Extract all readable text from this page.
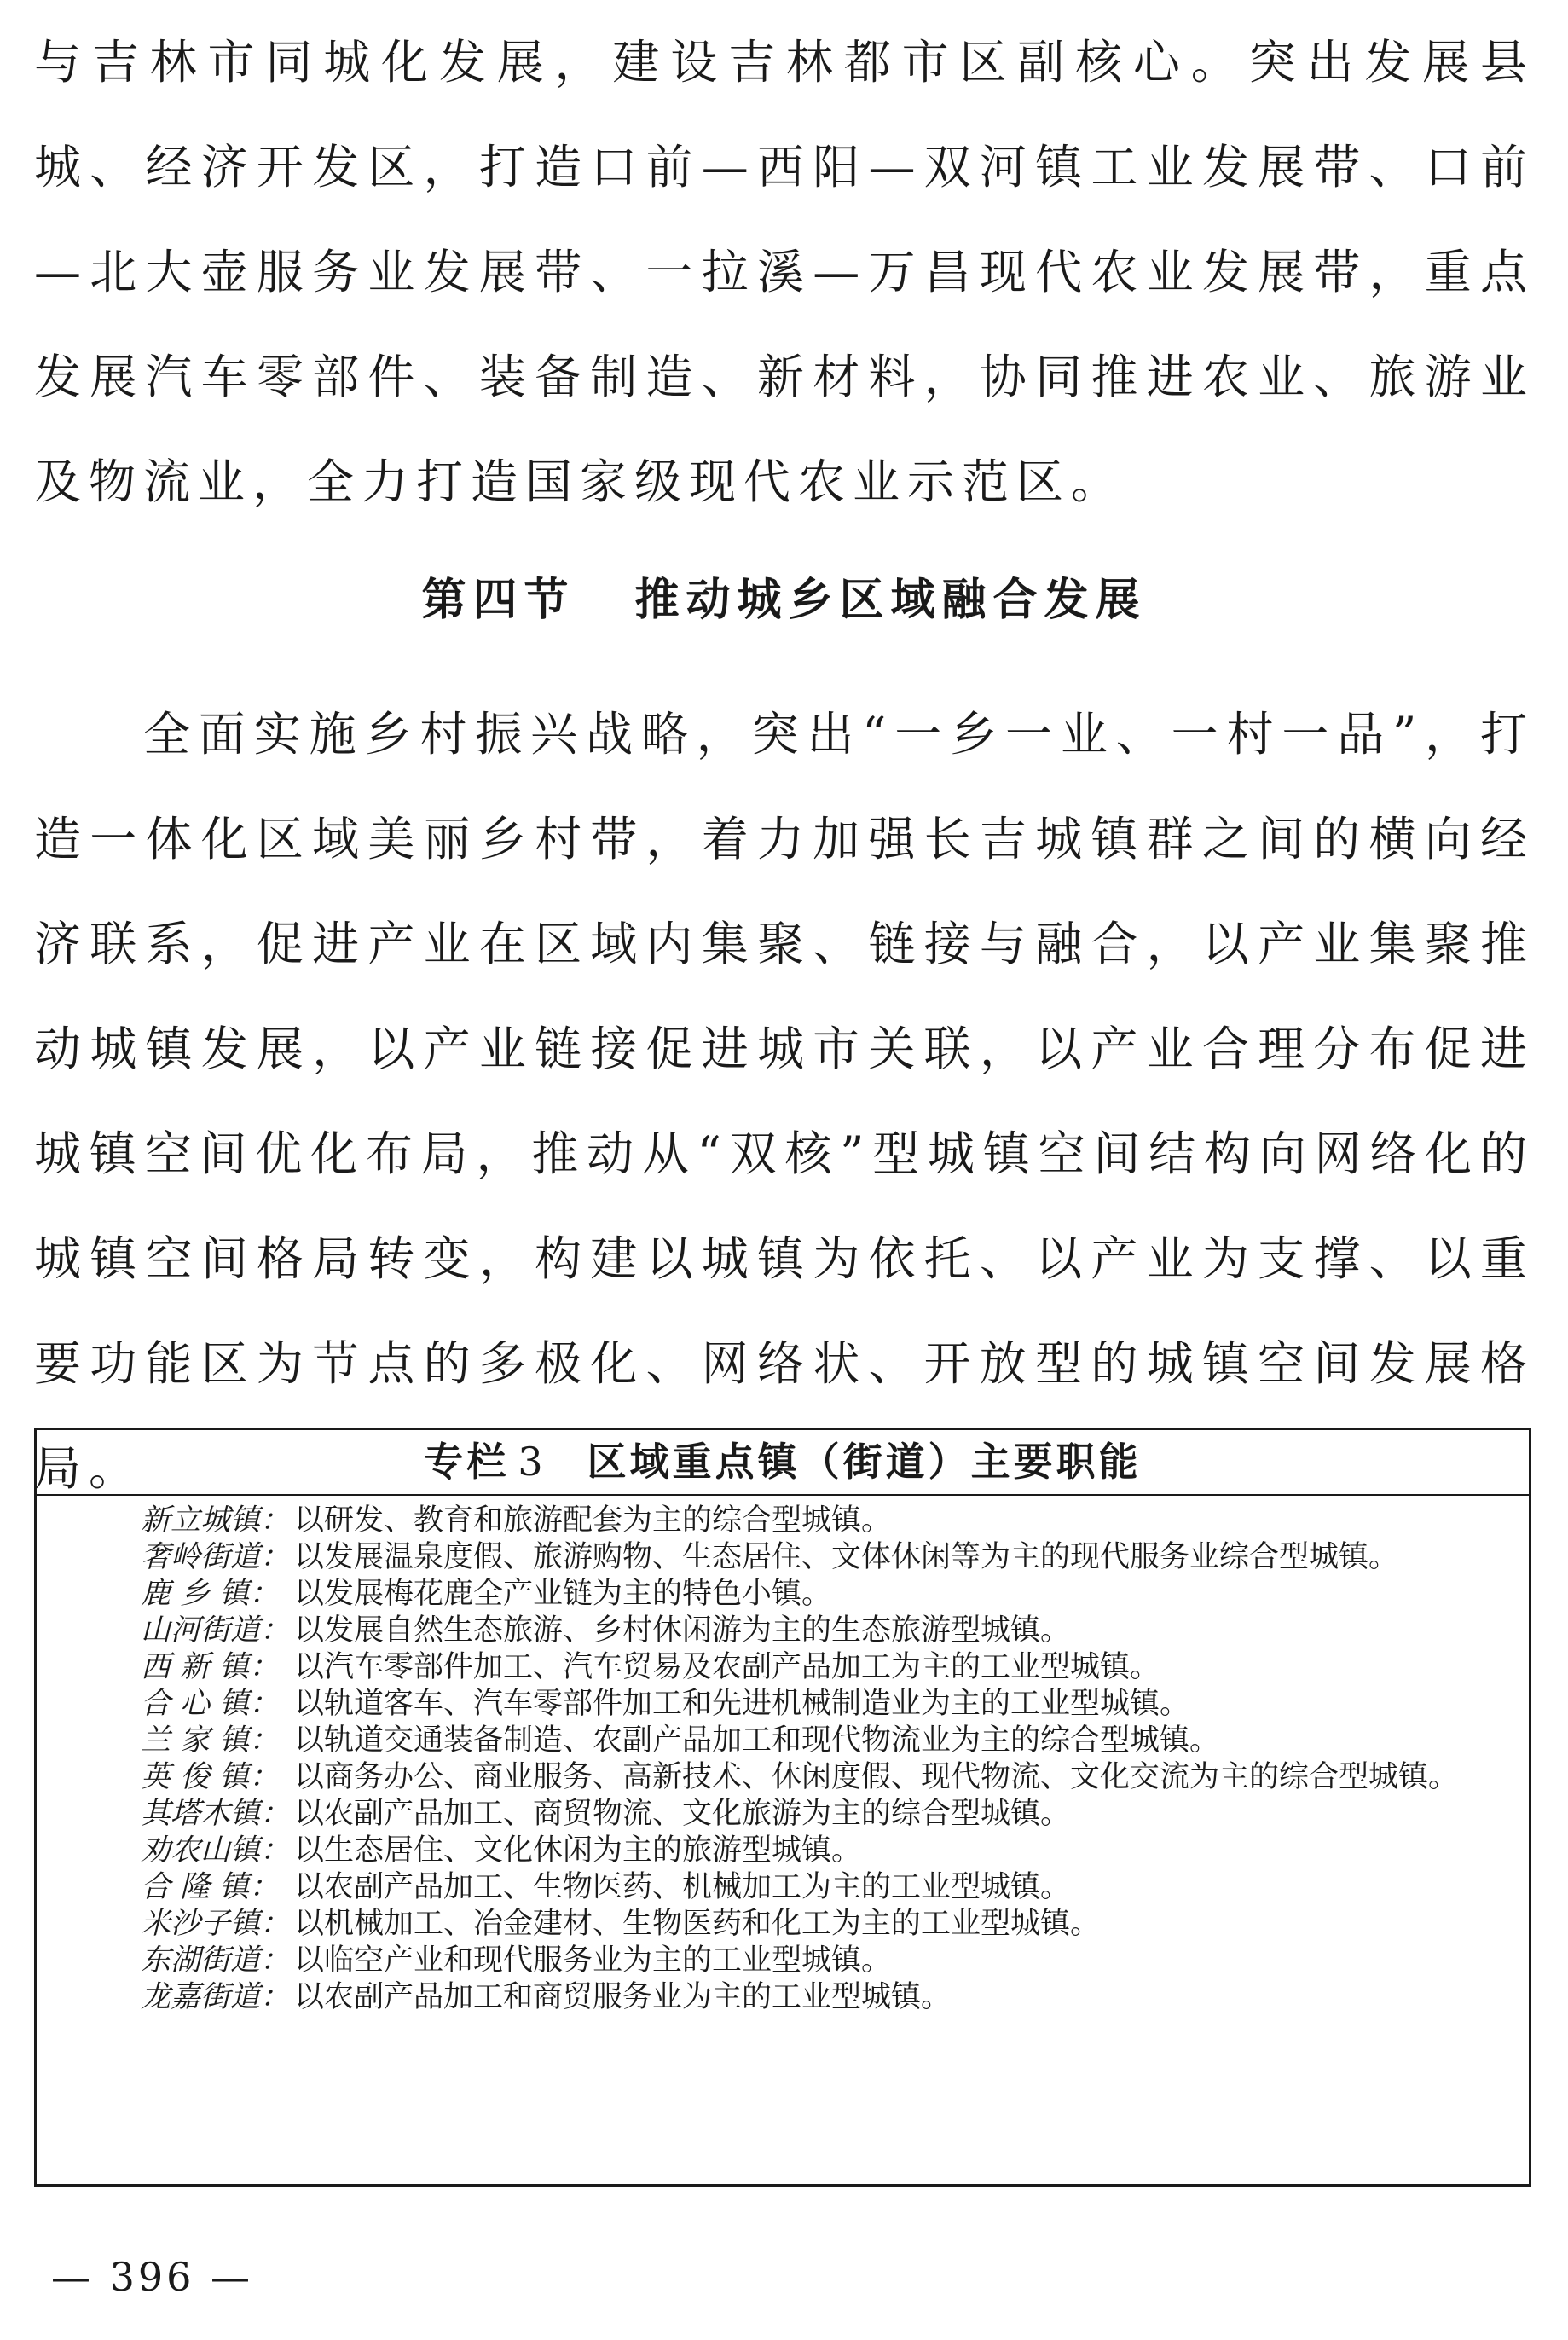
与吉林市同城化发展，建设吉林都市区副核心。突出发展县城、经济开发区，打造口前—西阳—双河镇工业发展带、口前—北大壶服务业发展带、一拉溪—万昌现代农业发展带，重点发展汽车零部件、装备制造、新材料，协同推进农业、旅游业及物流业，全力打造国家级现代农业示范区。

第四节 推动城乡区域融合发展

全面实施乡村振兴战略，突出“一乡一业、一村一品”，打造一体化区域美丽乡村带，着力加强长吉城镇群之间的横向经济联系，促进产业在区域内集聚、链接与融合，以产业集聚推动城镇发展，以产业链接促进城市关联，以产业合理分布促进城镇空间优化布局，推动从“双核”型城镇空间结构向网络化的城镇空间格局转变，构建以城镇为依托、以产业为支撑、以重要功能区为节点的多极化、网络状、开放型的城镇空间发展格局。	专栏 3 区域重点镇（街道）主要职能

新立城镇： 以研发、教育和旅游配套为主的综合型城镇。

奢岭街道： 以发展温泉度假、旅游购物、生态居住、文体休闲等为主的现代服务业综合型城镇。

鹿 乡 镇： 以发展梅花鹿全产业链为主的特色小镇。

山河街道： 以发展自然生态旅游、乡村休闲游为主的生态旅游型城镇。

西 新 镇： 以汽车零部件加工、汽车贸易及农副产品加工为主的工业型城镇。

合 心 镇： 以轨道客车、汽车零部件加工和先进机械制造业为主的工业型城镇。

兰 家 镇： 以轨道交通装备制造、农副产品加工和现代物流业为主的综合型城镇。

英 俊 镇： 以商务办公、商业服务、高新技术、休闲度假、现代物流、文化交流为主的综合型城镇。

其塔木镇： 以农副产品加工、商贸物流、文化旅游为主的综合型城镇。

劝农山镇： 以生态居住、文化休闲为主的旅游型城镇。

合 隆 镇： 以农副产品加工、生物医药、机械加工为主的工业型城镇。

米沙子镇： 以机械加工、冶金建材、生物医药和化工为主的工业型城镇。

东湖街道： 以临空产业和现代服务业为主的工业型城镇。

龙嘉街道： 以农副产品加工和商贸服务业为主的工业型城镇。

— 396 —
